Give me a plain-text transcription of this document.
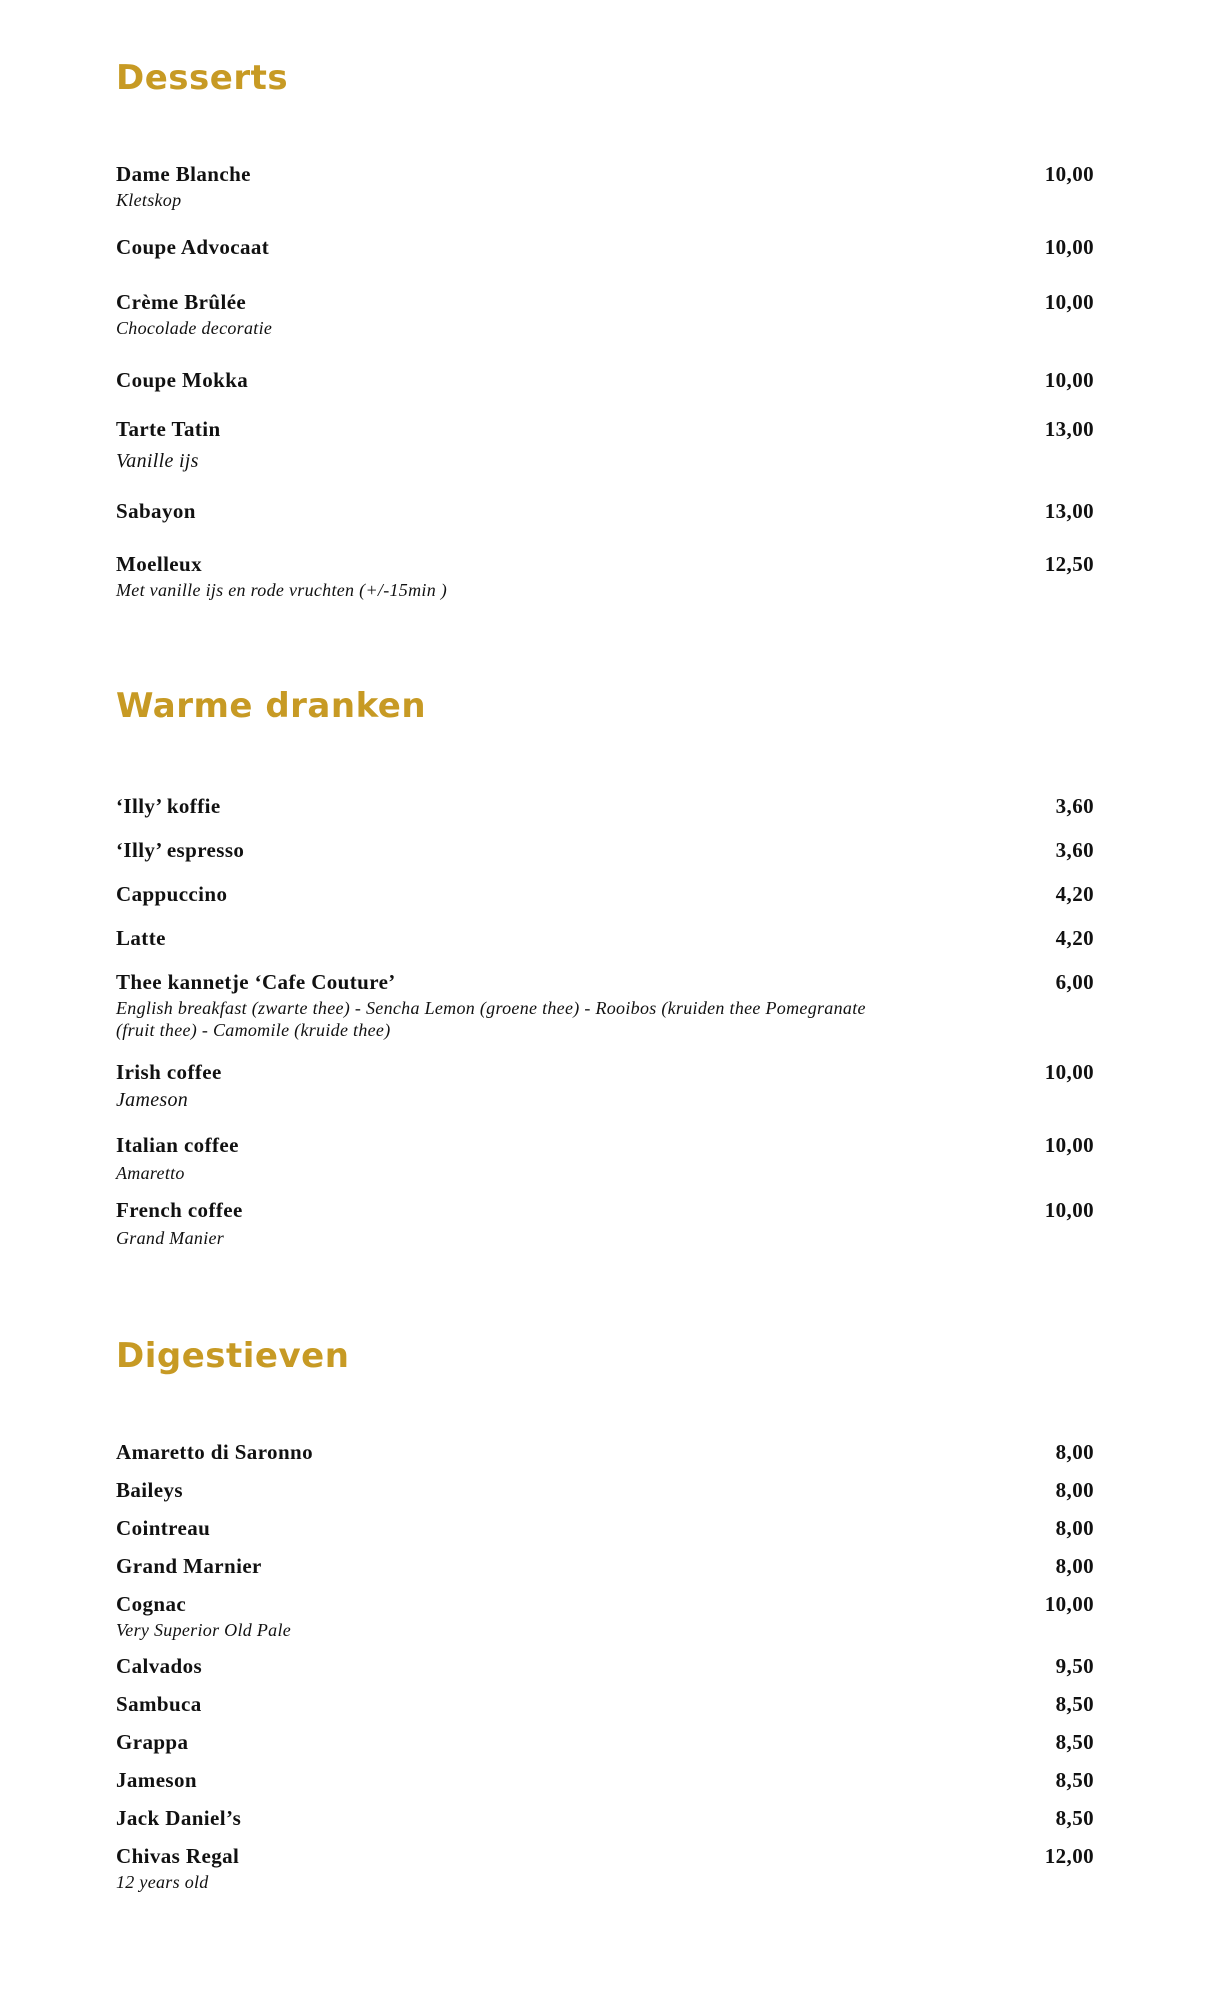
Desserts
Dame Blanche	10,00
Kletskop
Coupe Advocaat	10,00
Crème Brûlée	10,00
Chocolade decoratie
Coupe Mokka	10,00
Tarte Tatin	13,00
Vanille ijs
Sabayon	13,00
Moelleux	12,50
Met vanille ijs en rode vruchten (+/-15min )
Warme dranken
‘Illy’ koffie	3,60
‘Illy’ espresso	3,60
Cappuccino	4,20
Latte	4,20
Thee kannetje ‘Cafe Couture’	6,00
English breakfast (zwarte thee) - Sencha Lemon (groene thee) - Rooibos (kruiden thee Pomegranate (fruit thee) - Camomile (kruide thee)
Irish coffee	10,00
Jameson
Italian coffee	10,00
Amaretto
French coffee	10,00
Grand Manier
Digestieven
Amaretto di Saronno	8,00
Baileys	8,00
Cointreau	8,00
Grand Marnier	8,00
Cognac	10,00
Very Superior Old Pale
Calvados	9,50
Sambuca	8,50
Grappa	8,50
Jameson	8,50
Jack Daniel’s	8,50
Chivas Regal	12,00
12 years old
